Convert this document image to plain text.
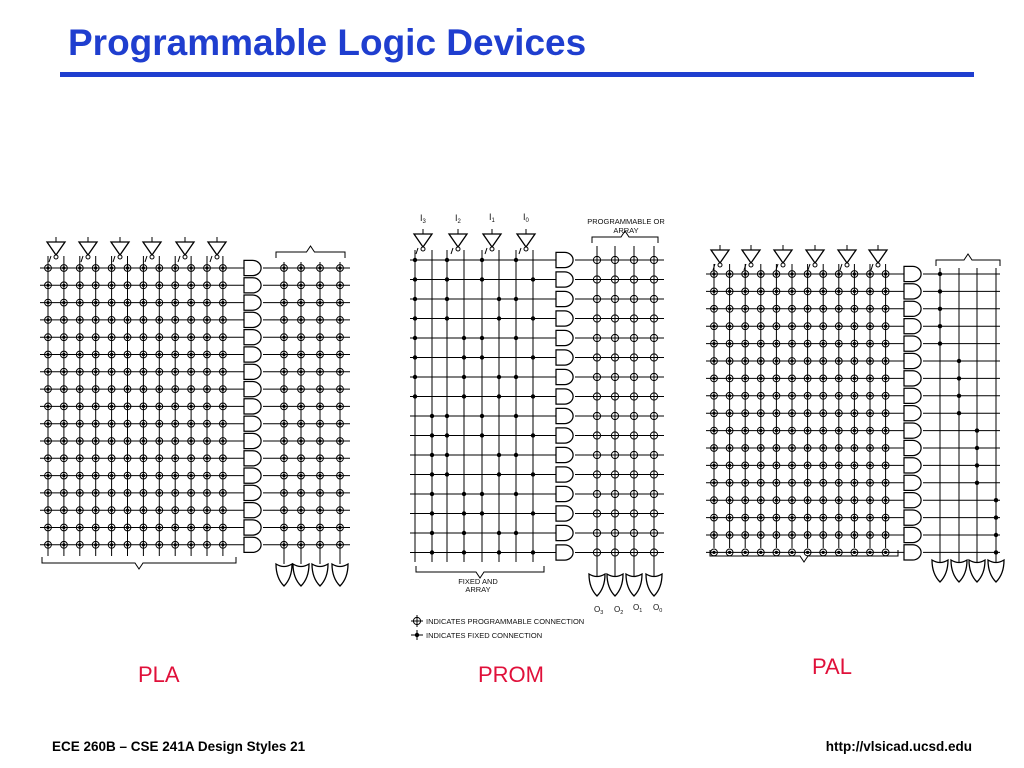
Programmable Logic Devices
$I_3$	$I_2$	$I_1$	$I_0$	PROGRAMMABLE OR
ARRAY
FIXED AND
ARRAY
$O_3$ $O_2$
$O_1$ $O_0$
INDICATES PROGRAMMABLE CONNECTION
INDICATES FIXED CONNECTION
PLA	PROM	PAL
ECE 260B – CSE 241A Design Styles 21	http://vlsicad.ucsd.edu
